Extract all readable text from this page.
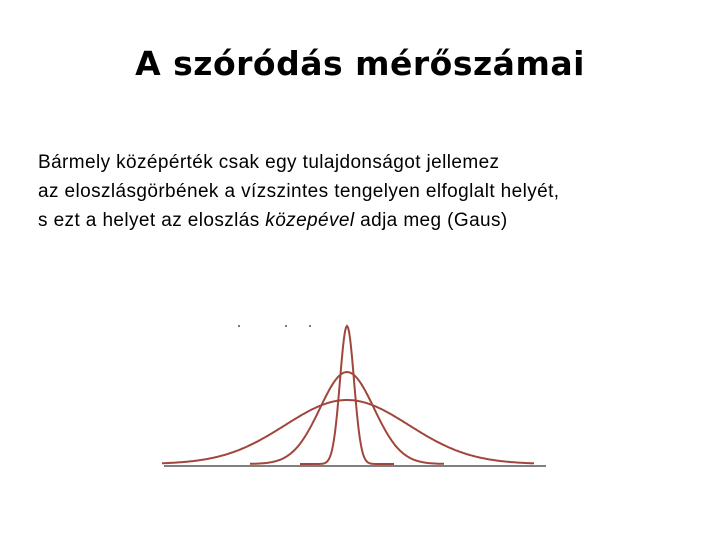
A szóródás mérőszámai

Bármely középérték csak egy tulajdonságot jellemez

az eloszlásgörbének a vízszintes tengelyen elfoglalt helyét,

s ezt a helyet az eloszlás közepével adja meg (Gaus)
